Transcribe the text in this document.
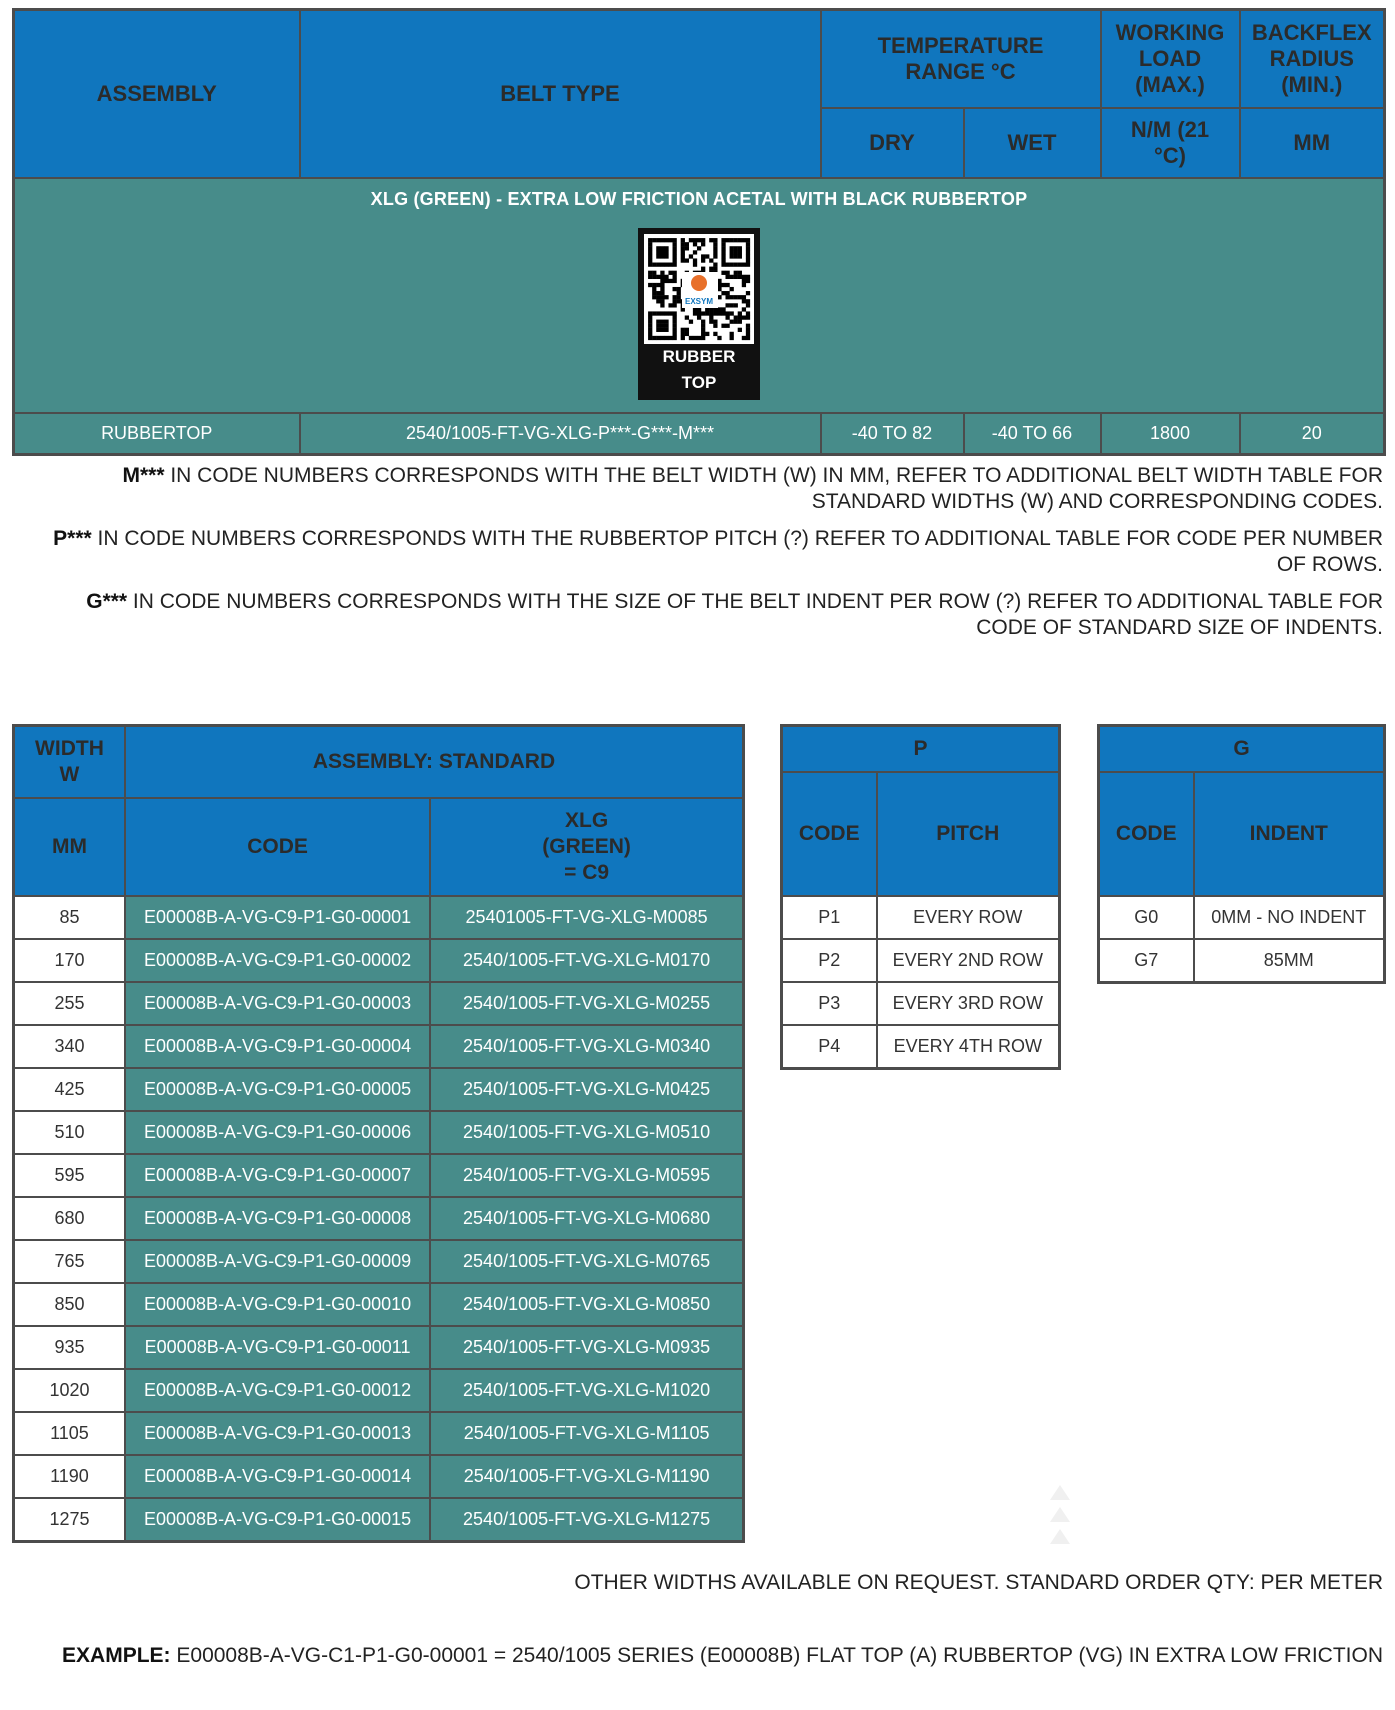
ASSEMBLY	BELT TYPE	TEMPERATURE RANGE °C		WORKING LOAD (MAX.)	BACKFLEX RADIUS (MIN.)

		DRY	WET	N/M (21 °C)	MM

XLG (GREEN) - EXTRA LOW FRICTION ACETAL WITH BLACK RUBBERTOP
EXSYM
RUBBER TOP					

RUBBERTOP	2540/1005-FT-VG-XLG-P***-G***-M***	-40 TO 82	-40 TO 66	1800	20
M*** IN CODE NUMBERS CORRESPONDS WITH THE BELT WIDTH (W) IN MM, REFER TO ADDITIONAL BELT WIDTH TABLE FOR STANDARD WIDTHS (W) AND CORRESPONDING CODES.
P*** IN CODE NUMBERS CORRESPONDS WITH THE RUBBERTOP PITCH (?) REFER TO ADDITIONAL TABLE FOR CODE PER NUMBER OF ROWS.
G*** IN CODE NUMBERS CORRESPONDS WITH THE SIZE OF THE BELT INDENT PER ROW (?) REFER TO ADDITIONAL TABLE FOR CODE OF STANDARD SIZE OF INDENTS.
WIDTH W	ASSEMBLY: STANDARD	
MM	CODE	XLG (GREEN) = C9

85	E00008B-A-VG-C9-P1-G0-00001	25401005-FT-VG-XLG-M0085
170	E00008B-A-VG-C9-P1-G0-00002	2540/1005-FT-VG-XLG-M0170
255	E00008B-A-VG-C9-P1-G0-00003	2540/1005-FT-VG-XLG-M0255
340	E00008B-A-VG-C9-P1-G0-00004	2540/1005-FT-VG-XLG-M0340
425	E00008B-A-VG-C9-P1-G0-00005	2540/1005-FT-VG-XLG-M0425
510	E00008B-A-VG-C9-P1-G0-00006	2540/1005-FT-VG-XLG-M0510
595	E00008B-A-VG-C9-P1-G0-00007	2540/1005-FT-VG-XLG-M0595
680	E00008B-A-VG-C9-P1-G0-00008	2540/1005-FT-VG-XLG-M0680
765	E00008B-A-VG-C9-P1-G0-00009	2540/1005-FT-VG-XLG-M0765
850	E00008B-A-VG-C9-P1-G0-00010	2540/1005-FT-VG-XLG-M0850
935	E00008B-A-VG-C9-P1-G0-00011	2540/1005-FT-VG-XLG-M0935
1020	E00008B-A-VG-C9-P1-G0-00012	2540/1005-FT-VG-XLG-M1020
1105	E00008B-A-VG-C9-P1-G0-00013	2540/1005-FT-VG-XLG-M1105
1190	E00008B-A-VG-C9-P1-G0-00014	2540/1005-FT-VG-XLG-M1190
1275	E00008B-A-VG-C9-P1-G0-00015	2540/1005-FT-VG-XLG-M1275
P	
CODE	PITCH
P1	EVERY ROW
P2	EVERY 2ND ROW
P3	EVERY 3RD ROW
P4	EVERY 4TH ROW
G	
CODE	INDENT
G0	0MM - NO INDENT
G7	85MM
OTHER WIDTHS AVAILABLE ON REQUEST. STANDARD ORDER QTY: PER METER
EXAMPLE: E00008B-A-VG-C1-P1-G0-00001 = 2540/1005 SERIES (E00008B) FLAT TOP (A) RUBBERTOP (VG) IN EXTRA LOW FRICTION
